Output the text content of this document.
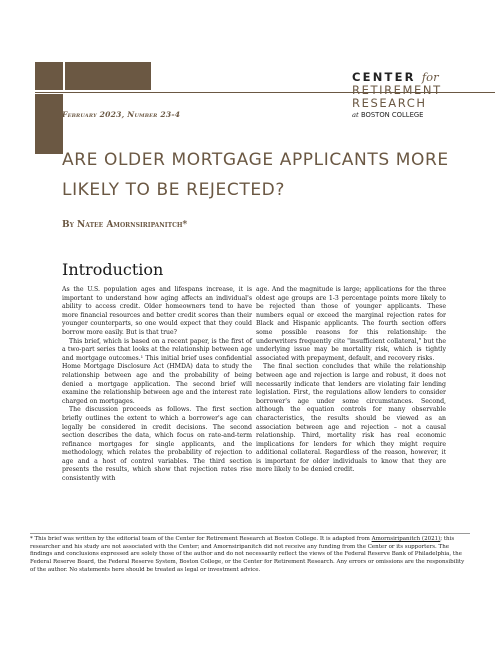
CENTER for
RETIREMENT
RESEARCH
at BOSTON COLLEGE
February 2023, Number 23-4
ARE OLDER MORTGAGE APPLICANTS MORE LIKELY TO BE REJECTED?
By Natee Amornsiripanitch*
Introduction

As the U.S. population ages and lifespans increase, it is important to understand how aging affects an individual's ability to access credit. Older homeowners tend to have more financial resources and better credit scores than their younger counterparts, so one would expect that they could borrow more easily. But is that true?

This brief, which is based on a recent paper, is the first of a two-part series that looks at the relationship between age and mortgage outcomes.¹ This initial brief uses confidential Home Mortgage Disclosure Act (HMDA) data to study the relationship between age and the probability of being denied a mortgage application. The second brief will examine the relationship between age and the interest rate charged on mortgages.

The discussion proceeds as follows. The first section briefly outlines the extent to which a borrower's age can legally be considered in credit decisions. The second section describes the data, which focus on rate-and-term refinance mortgages for single applicants, and the methodology, which relates the probability of rejection to age and a host of control variables. The third section presents the results, which show that rejection rates rise consistently with

age. And the magnitude is large; applications for the three oldest age groups are 1-3 percentage points more likely to be rejected than those of younger applicants. These numbers equal or exceed the marginal rejection rates for Black and Hispanic applicants. The fourth section offers some possible reasons for this relationship: the underwriters frequently cite "insufficient collateral," but the underlying issue may be mortality risk, which is tightly associated with prepayment, default, and recovery risks.

The final section concludes that while the relationship between age and rejection is large and robust, it does not necessarily indicate that lenders are violating fair lending legislation. First, the regulations allow lenders to consider borrower's age under some circumstances. Second, although the equation controls for many observable characteristics, the results should be viewed as an association between age and rejection – not a causal relationship. Third, mortality risk has real economic implications for lenders for which they might require additional collateral. Regardless of the reason, however, it is important for older individuals to know that they are more likely to be denied credit.

* This brief was written by the editorial team of the Center for Retirement Research at Boston College. It is adapted from Amornsiripanitch (2021); this researcher and his study are not associated with the Center; and Amornsiripanitch did not receive any funding from the Center or its supporters. The findings and conclusions expressed are solely those of the author and do not necessarily reflect the views of the Federal Reserve Bank of Philadelphia, the Federal Reserve Board, the Federal Reserve System, Boston College, or the Center for Retirement Research. Any errors or omissions are the responsibility of the author. No statements here should be treated as legal or investment advice.
